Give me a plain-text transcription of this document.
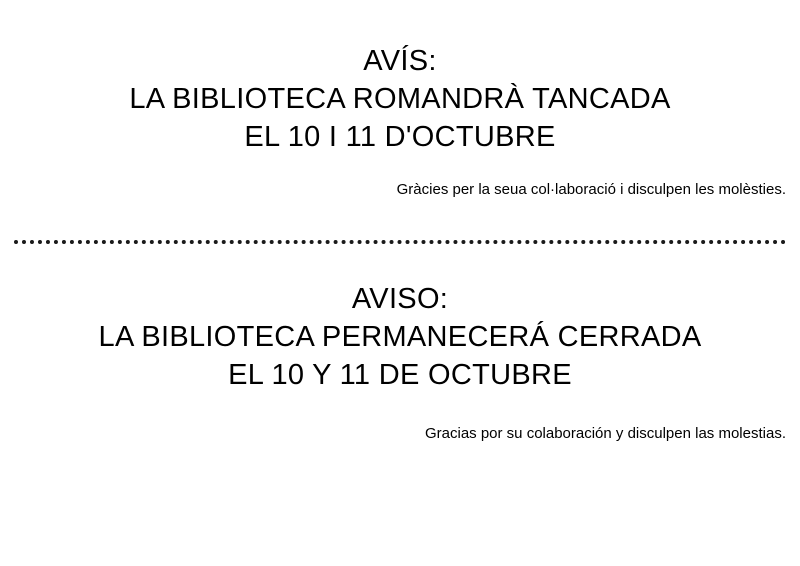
AVÍS:
LA BIBLIOTECA ROMANDRÀ TANCADA
EL 10 I 11 D'OCTUBRE
Gràcies per la seua col·laboració i disculpen les molèsties.
AVISO:
LA BIBLIOTECA PERMANECERÁ CERRADA
EL 10 Y 11 DE OCTUBRE
Gracias por su colaboración y disculpen las molestias.
